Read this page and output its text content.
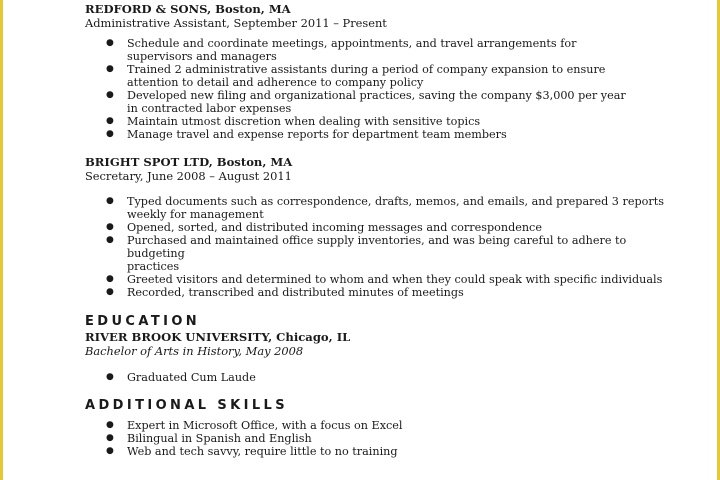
REDFORD & SONS, Boston, MA
Administrative Assistant, September 2011 – Present
● Schedule and coordinate meetings, appointments, and travel arrangements for
supervisors and managers
● Trained 2 administrative assistants during a period of company expansion to ensure
attention to detail and adherence to company policy
● Developed new filing and organizational practices, saving the company $3,000 per year
in contracted labor expenses
● Maintain utmost discretion when dealing with sensitive topics
● Manage travel and expense reports for department team members
BRIGHT SPOT LTD, Boston, MA
Secretary, June 2008 – August 2011
● Typed documents such as correspondence, drafts, memos, and emails, and prepared 3 reports
weekly for management
● Opened, sorted, and distributed incoming messages and correspondence
● Purchased and maintained office supply inventories, and was being careful to adhere to budgeting
practices
● Greeted visitors and determined to whom and when they could speak with specific individuals
● Recorded, transcribed and distributed minutes of meetings
EDUCATION
RIVER BROOK UNIVERSITY, Chicago, IL
Bachelor of Arts in History, May 2008
● Graduated Cum Laude
ADDITIONAL SKILLS
● Expert in Microsoft Office, with a focus on Excel
● Bilingual in Spanish and English
● Web and tech savvy, require little to no training
